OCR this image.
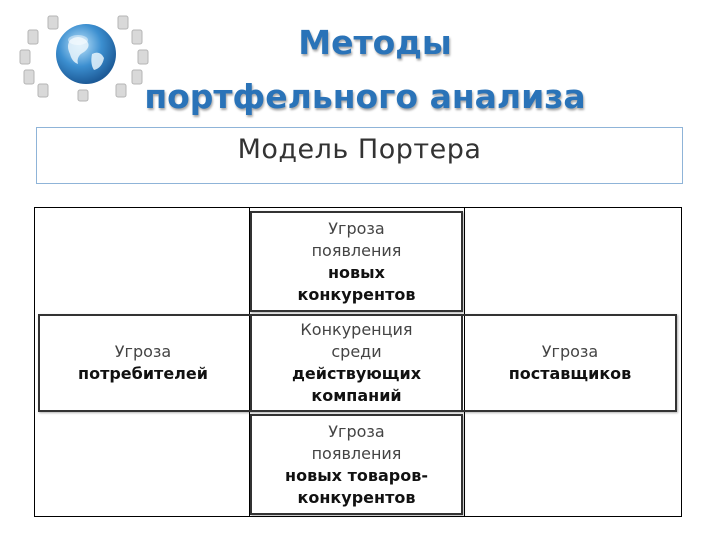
Методы
портфельного анализа

Модель Портера

Угроза
появления
новых
конкурентов
Угроза
потребителей
Конкуренция
среди
действующих
компаний
Угроза
поставщиков
Угроза
появления
новых товаров-
конкурентов
